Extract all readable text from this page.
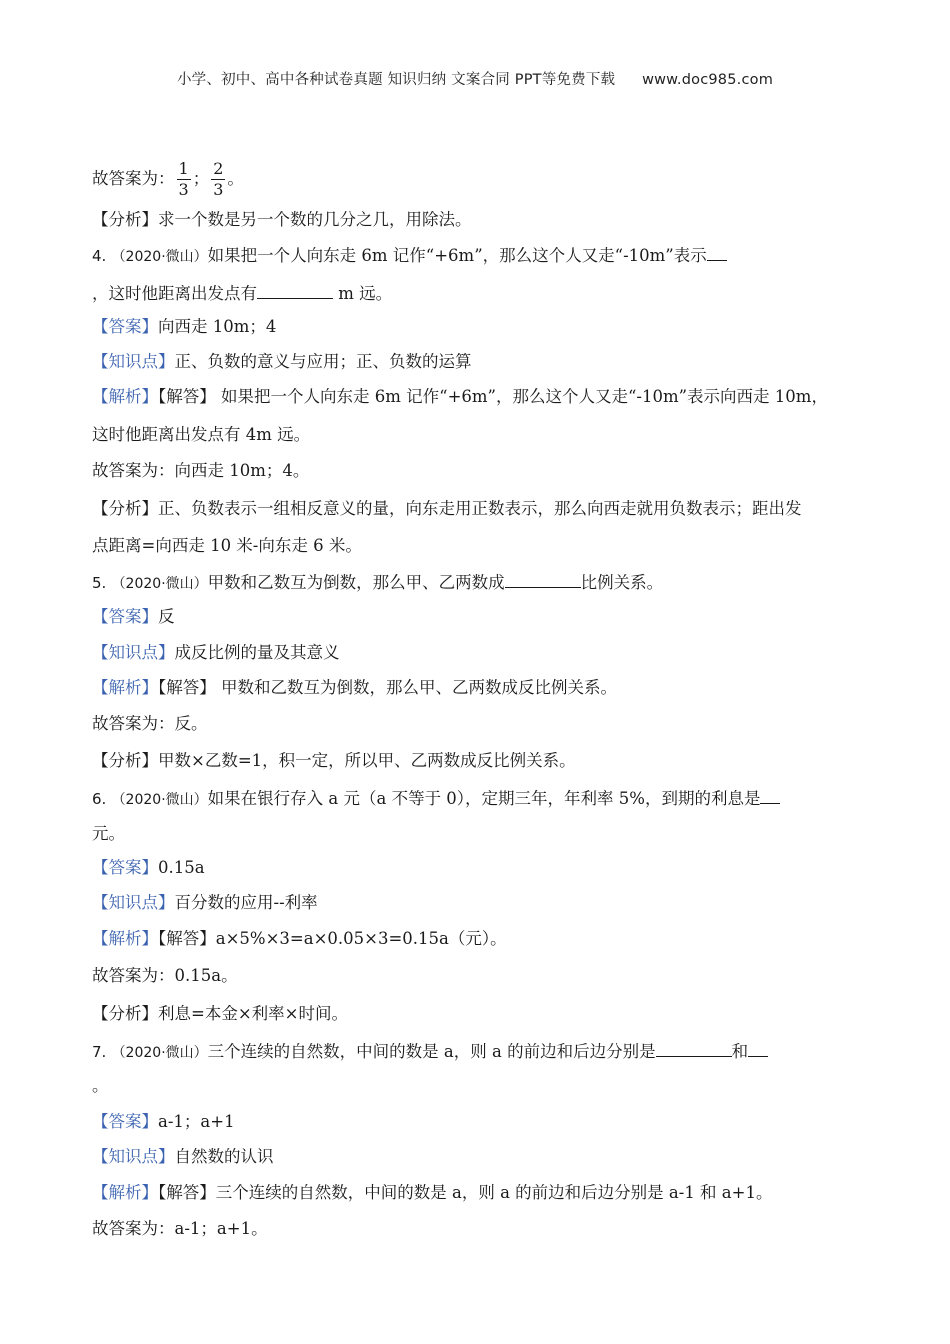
小学、初中、高中各种试卷真题 知识归纳 文案合同 PPT等免费下载 www.doc985.com
故答案为： $\frac{1}{3}$ ； $\frac{2}{3}$ 。
【分析】求一个数是另一个数的几分之几，用除法。
4. （2020·微山）如果把一个人向东走 6m 记作“+6m”，那么这个人又走“-10m”表示
，这时他距离出发点有	m 远。
【答案】向西走 10m；4
【知识点】正、负数的意义与应用；正、负数的运算
【解析】【解答】 如果把一个人向东走 6m 记作“+6m”，那么这个人又走“-10m”表示向西走 10m，
这时他距离出发点有 4m 远。
故答案为：向西走 10m；4。
【分析】正、负数表示一组相反意义的量，向东走用正数表示，那么向西走就用负数表示；距出发
点距离=向西走 10 米-向东走 6 米。
5. （2020·微山）甲数和乙数互为倒数，那么甲、乙两数成	比例关系。
【答案】反
【知识点】成反比例的量及其意义
【解析】【解答】 甲数和乙数互为倒数，那么甲、乙两数成反比例关系。
故答案为：反。
【分析】甲数×乙数=1，积一定，所以甲、乙两数成反比例关系。
6. （2020·微山）如果在银行存入 a 元（a 不等于 0），定期三年，年利率 5%，到期的利息是
元。
【答案】0.15a
【知识点】百分数的应用--利率
【解析】【解答】a×5%×3=a×0.05×3=0.15a（元）。
故答案为：0.15a。
【分析】利息=本金×利率×时间。
7. （2020·微山）三个连续的自然数，中间的数是 a，则 a 的前边和后边分别是	和
。
【答案】a-1；a+1
【知识点】自然数的认识
【解析】【解答】三个连续的自然数，中间的数是 a，则 a 的前边和后边分别是 a-1 和 a+1。
故答案为：a-1；a+1。
